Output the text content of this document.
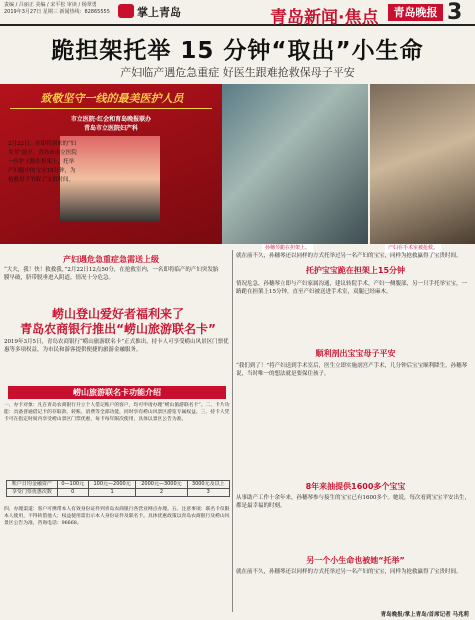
责编 / 吕丽正 美编 / 宋平松 审读 / 杨翠勇
2019年3月27日 星期三 新闻热线：82865555 掌上青岛	青岛新闻·焦点	青岛晚报 3
跪担架托举 15 分钟“取出”小生命
产妇临产遇危急重症 好医生跟难抢救保母子平安
致敬坚守一线的最美医护人员
市立医院·红会和育岛晚报联办
青岛市立医院妇产科
2月22日，在即将到来的“妇女节”前夕，青岛市市立医院一位护士跪在担架上，托举产妇腹中的宝宝15分钟，为抢救母子争取了宝贵时间。
孙穗琴跪在担架上。	产妇在手术室被抢救。
产妇遇危急重症急需送上级
“大夫，我！快！救救我，”2月22日12点50分，在抢救室内，一名即将临产的产妇突发胎膜早破，脐带脱垂进入阴道，情况十分危急。
就在前不久，孙穗琴还以同样的方式托举过另一名产妇的宝宝，同样为抢救赢得了宝贵时间。
托护宝宝跪在担架上15分钟
情况危急，孙穗琴立即与产妇家属沟通，建议转院手术，产妇一侧腹部，另一只手托举宝宝，一路跪在担架上15分钟，直至产妇被送进手术室，双腿已经麻木。
顺利剖出宝宝母子平安
“我们到了！”将产妇送到手术室后，医生立即实施剖宫产手术，几分钟后宝宝顺利降生。孙穗琴说，当时唯一的想法就是要保住孩子。
8年来抽提供1600多个宝宝
从事助产工作十余年来，孙穗琴参与接生的宝宝已有1600多个。她说，每次看到宝宝平安出生，都是最幸福的时刻。
另一个小生命也被她“托举”
就在前不久，孙穗琴还以同样的方式托举过另一名产妇的宝宝，同样为抢救赢得了宝贵时间。
崂山登山爱好者福利来了
青岛农商银行推出“崂山旅游联名卡”
2019年3月5日，青岛农商银行“崂山旅游联名卡”正式推出，持卡人可享受崂山风景区门票优惠等多项权益，为市民和游客提供便捷的旅游金融服务。
崂山旅游联名卡功能介绍
一、办卡对象：凡在青岛农商银行开立个人借记账户的客户，均可申请办理“崂山旅游联名卡”。二、卡片功能：具备普通借记卡的存取款、转账、消费等全部功能，同时享有崂山风景区游览专属权益。三、持卡人凭卡可在指定时间内享受崂山景区门票优惠，每卡每年限次使用，具体以景区公告为准。
账户日均金融资产	0—100元	100元—2000元	2000元—3000元	3000元及以上
享受门票优惠次数	0	1	2	3
四、办理渠道：客户可携带本人有效身份证件到青岛农商银行各营业网点办理。五、注意事项：联名卡仅限本人使用，不得转借他人；权益使用需出示本人身份证件及联名卡。具体优惠政策以青岛农商银行及崂山风景区公告为准，咨询电话：96668。
青岛晚报/掌上青岛/首席记者 马兆莉
